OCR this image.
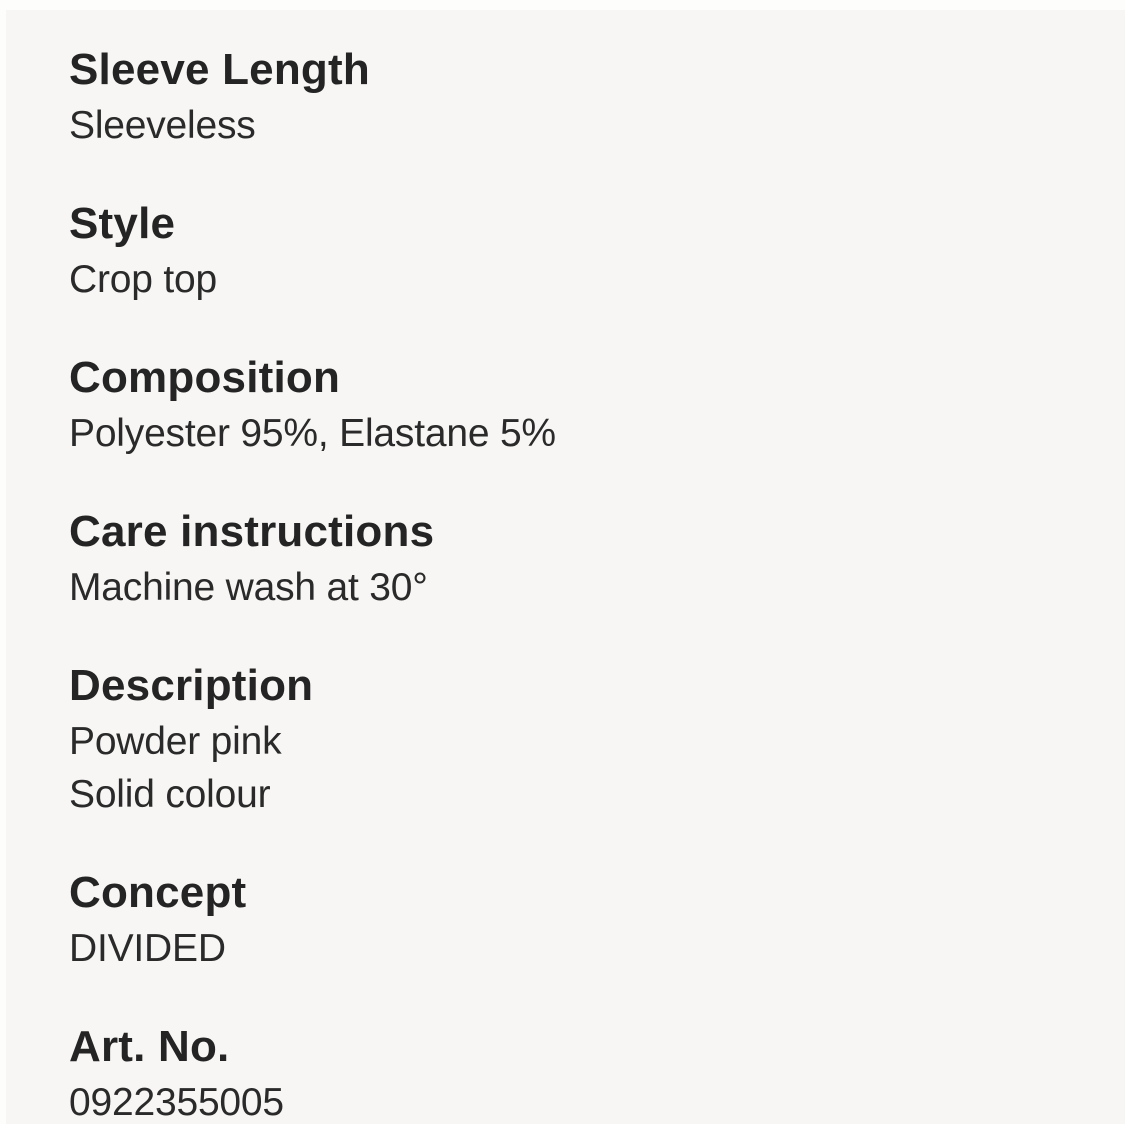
Sleeve Length

Sleeveless

Style

Crop top

Composition

Polyester 95%, Elastane 5%

Care instructions

Machine wash at 30°

Description

Powder pink

Solid colour

Concept

DIVIDED

Art. No.

0922355005
